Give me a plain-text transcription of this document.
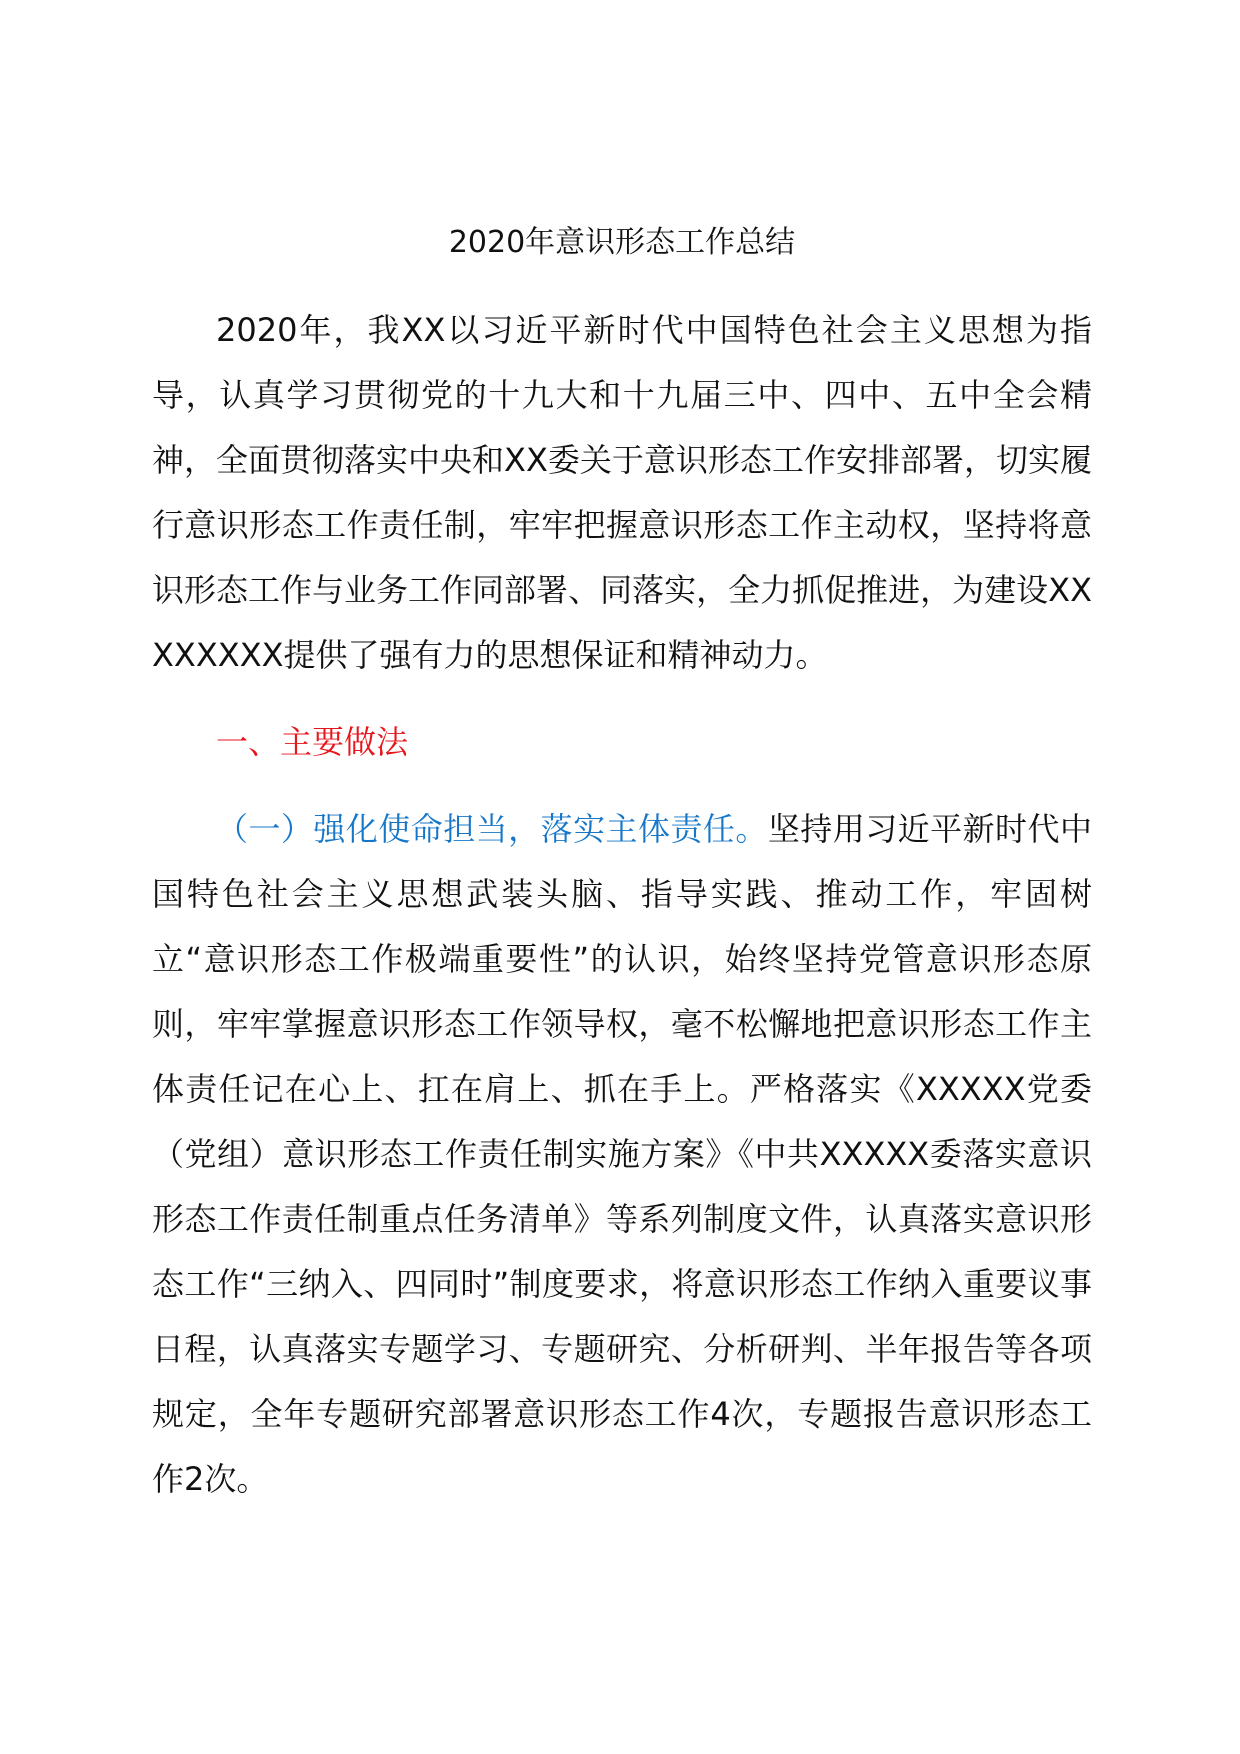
2020年意识形态工作总结

2020年，我XX以习近平新时代中国特色社会主义思想为指导，认真学习贯彻党的十九大和十九届三中、四中、五中全会精神，全面贯彻落实中央和XX委关于意识形态工作安排部署，切实履行意识形态工作责任制，牢牢把握意识形态工作主动权，坚持将意识形态工作与业务工作同部署、同落实，全力抓促推进，为建设XXXXXXXX提供了强有力的思想保证和精神动力。

一、主要做法

（一）强化使命担当，落实主体责任。坚持用习近平新时代中国特色社会主义思想武装头脑、指导实践、推动工作，牢固树立“意识形态工作极端重要性”的认识，始终坚持党管意识形态原则，牢牢掌握意识形态工作领导权，毫不松懈地把意识形态工作主体责任记在心上、扛在肩上、抓在手上。严格落实《XXXXX党委（党组）意识形态工作责任制实施方案》《中共XXXXX委落实意识形态工作责任制重点任务清单》等系列制度文件，认真落实意识形态工作“三纳入、四同时”制度要求，将意识形态工作纳入重要议事日程，认真落实专题学习、专题研究、分析研判、半年报告等各项规定，全年专题研究部署意识形态工作4次，专题报告意识形态工作2次。
